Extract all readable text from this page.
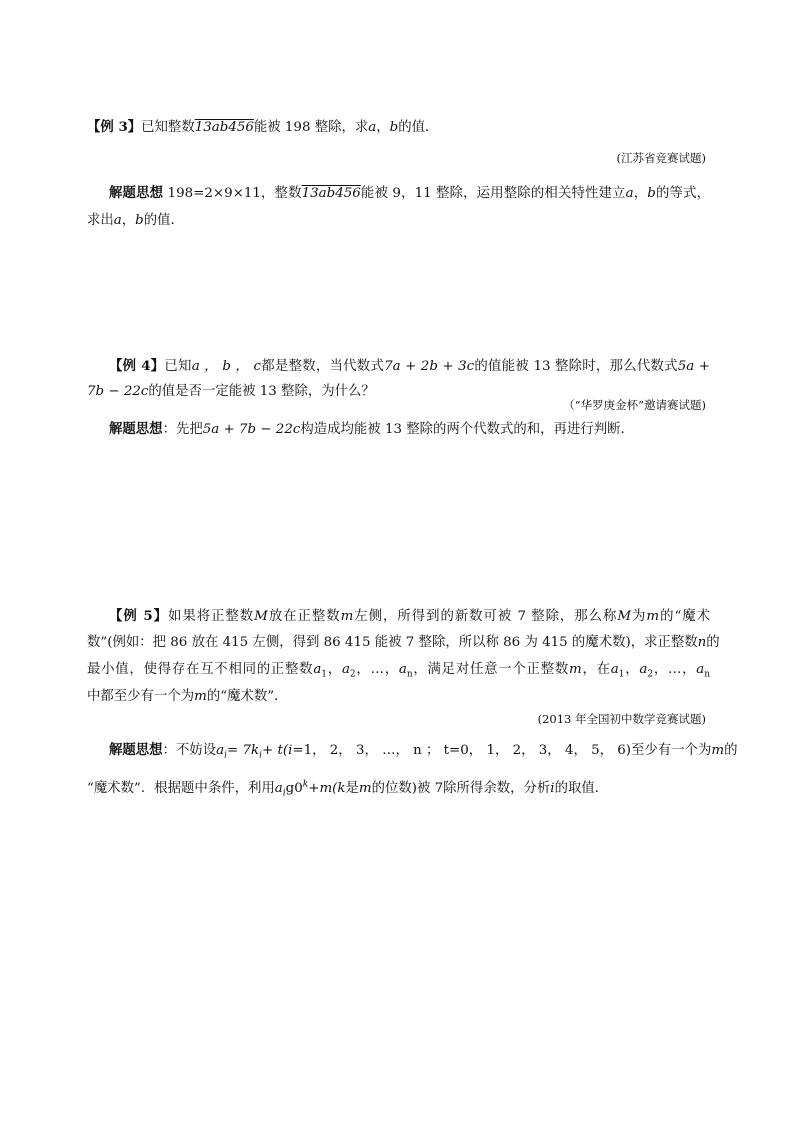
【例 3】已知整数13ab456能被 198 整除，求a，b的值．
(江苏省竞赛试题)
解题思想 198=2×9×11，整数13ab456能被 9，11 整除，运用整除的相关特性建立a，b的等式，
求出a，b的值．
【例 4】已知a ， b ， c都是整数，当代数式7a + 2b + 3c的值能被 13 整除时，那么代数式5a +
7b − 22c的值是否一定能被 13 整除，为什么？
（“华罗庚金杯”邀请赛试题)
解题思想：先把5a + 7b − 22c构造成均能被 13 整除的两个代数式的和，再进行判断．
【例 5】如果将正整数M放在正整数m左侧，所得到的新数可被 7 整除，那么称M为m的“魔术
数”(例如：把 86 放在 415 左侧，得到 86 415 能被 7 整除，所以称 86 为 415 的魔术数)，求正整数n的
最小值，使得存在互不相同的正整数$a_1$，$a_2$，…，$a_n$，满足对任意一个正整数m，在$a_1$，$a_2$，…，$a_n$
中都至少有一个为m的“魔术数”．
(2013 年全国初中数学竞赛试题)
解题思想：不妨设$a_i= 7k_i+ t(i=1$， 2， 3， …， n ； t=0， 1， 2， 3， 4， 5， 6)至少有一个为m的
“魔术数”．根据题中条件，利用$a_ig0^k+m(k$是m的位数)被 7除所得余数，分析i的取值．
